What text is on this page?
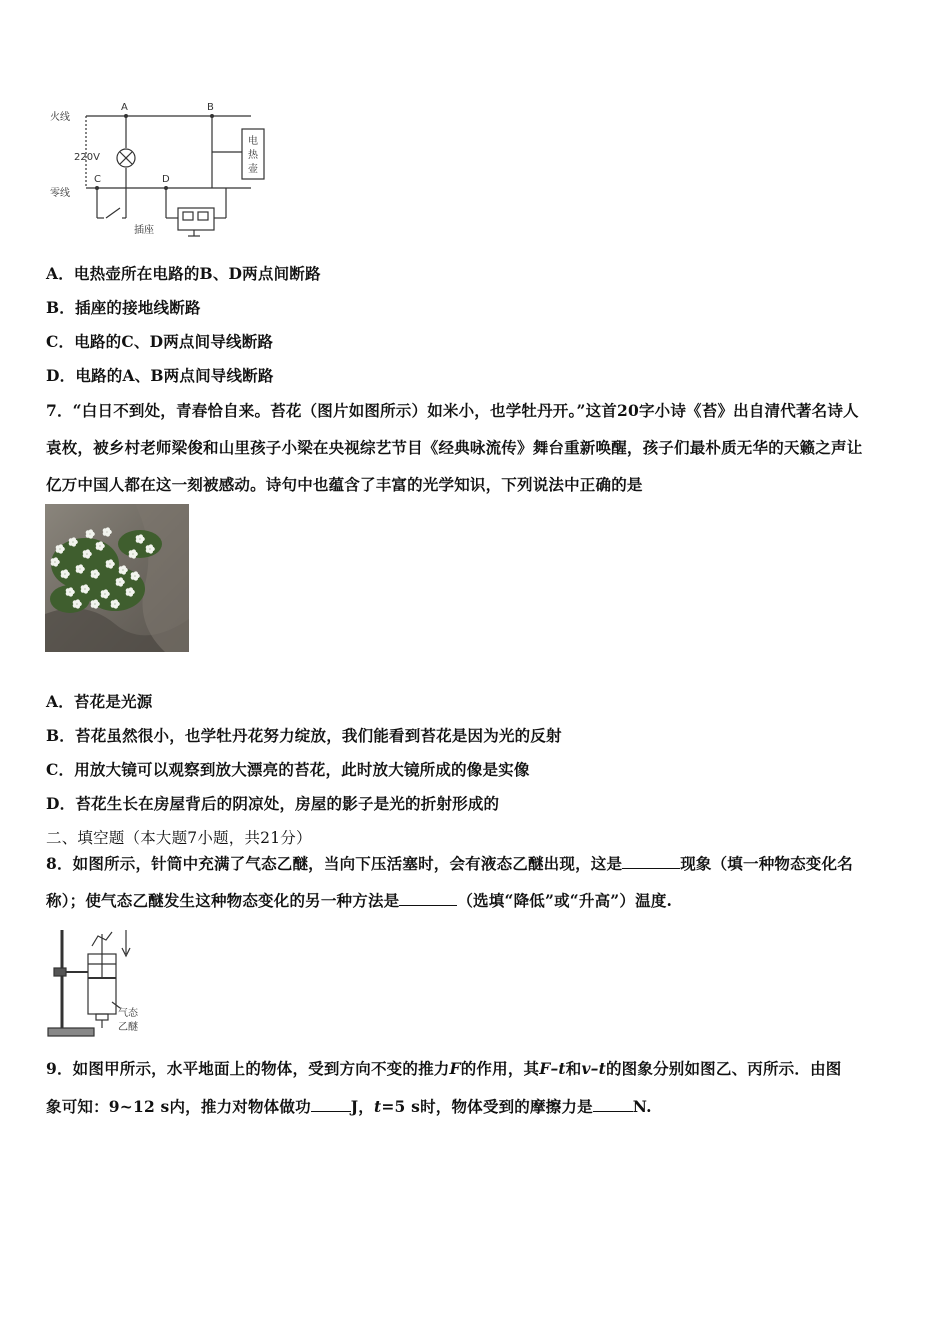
火线
零线
220V
A	B
C	D
插座
电 热 壶
A．电热壶所在电路的B、D两点间断路
B．插座的接地线断路
C．电路的C、D两点间导线断路
D．电路的A、B两点间导线断路
7．“白日不到处，青春恰自来。苔花（图片如图所示）如米小，也学牡丹开。”这首20字小诗《苔》出自清代著名诗人
袁枚，被乡村老师梁俊和山里孩子小梁在央视综艺节目《经典咏流传》舞台重新唤醒，孩子们最朴质无华的天籁之声让
亿万中国人都在这一刻被感动。诗句中也蕴含了丰富的光学知识，下列说法中正确的是
A．苔花是光源
B．苔花虽然很小，也学牡丹花努力绽放，我们能看到苔花是因为光的反射
C．用放大镜可以观察到放大漂亮的苔花，此时放大镜所成的像是实像
D．苔花生长在房屋背后的阴凉处，房屋的影子是光的折射形成的
二、填空题（本大题7小题，共21分）
8．如图所示，针筒中充满了气态乙醚，当向下压活塞时，会有液态乙醚出现，这是	现象（填一种物态变化名
称）；使气态乙醚发生这种物态变化的另一种方法是	（选填“降低”或“升高”）温度.
气态 乙醚
9．如图甲所示，水平地面上的物体，受到方向不变的推力F的作用，其F–t和v–t的图象分别如图乙、丙所示．由图
象可知：9~12 s内，推力对物体做功	J，t=5 s时，物体受到的摩擦力是	N.
